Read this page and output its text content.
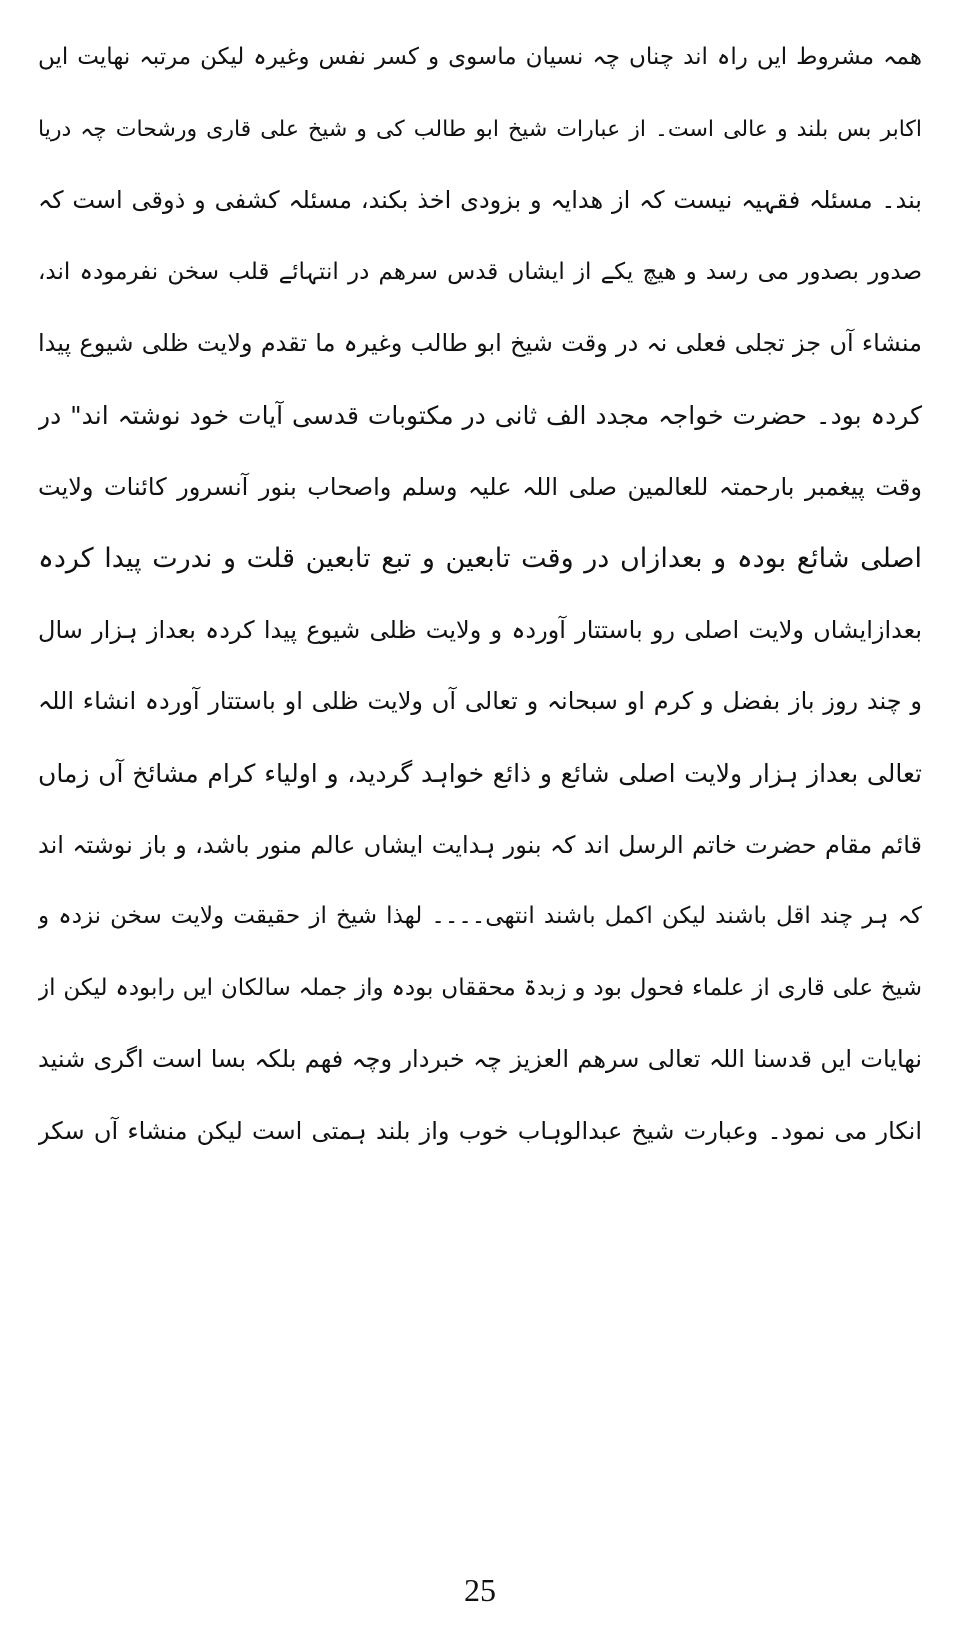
همہ مشروط ایں راہ اند چناں چہ نسیان ماسوی و کسر نفس وغیرہ لیکن مرتبہ نھایت ایں
اکابر بس بلند و عالی است۔ از عبارات شیخ ابو طالب کی و شیخ علی قاری ورشحات چہ دریا
بند۔ مسئلہ فقہیہ نیست کہ از ھدایہ و بزودی اخذ بکند، مسئلہ کشفی و ذوقی است کہ
صدور بصدور می رسد و ھیچ یکے از ایشاں قدس سرھم در انتہائے قلب سخن نفرمودہ اند،
منشاء آں جز تجلی فعلی نہ در وقت شیخ ابو طالب وغیرہ ما تقدم ولایت ظلی شیوع پیدا
کردہ بود۔ حضرت خواجہ مجدد الف ثانی در مکتوبات قدسی آیات خود نوشتہ اند" در
وقت پیغمبر بارحمتہ للعالمین صلی اللہ علیہ وسلم واصحاب بنور آنسرور کائنات ولایت
اصلی شائع بودہ و بعدازاں در وقت تابعین و تبع تابعین قلت و ندرت پیدا کردہ
بعدازایشاں ولایت اصلی رو باستتار آوردہ و ولایت ظلی شیوع پیدا کردہ بعداز ہزار سال
و چند روز باز بفضل و کرم او سبحانہ و تعالی آں ولایت ظلی او باستتار آوردہ انشاء اللہ
تعالی بعداز ہزار ولایت اصلی شائع و ذائع خواہد گردید، و اولیاء کرام مشائخ آں زماں
قائم مقام حضرت خاتم الرسل اند کہ بنور ہدایت ایشاں عالم منور باشد، و باز نوشتہ اند
کہ ہر چند اقل باشند لیکن اکمل باشند انتھی۔۔۔۔ لھذا شیخ از حقیقت ولایت سخن نزدہ و
شیخ علی قاری از علماء فحول بود و زبدۃ محققاں بودہ واز جملہ سالکان ایں رابودہ لیکن از
نھایات ایں قدسنا اللہ تعالی سرھم العزیز چہ خبردار وچہ فھم بلکہ بسا است اگری شنید
انکار می نمود۔ وعبارت شیخ عبدالوہاب خوب واز بلند ہمتی است لیکن منشاء آں سکر
25
